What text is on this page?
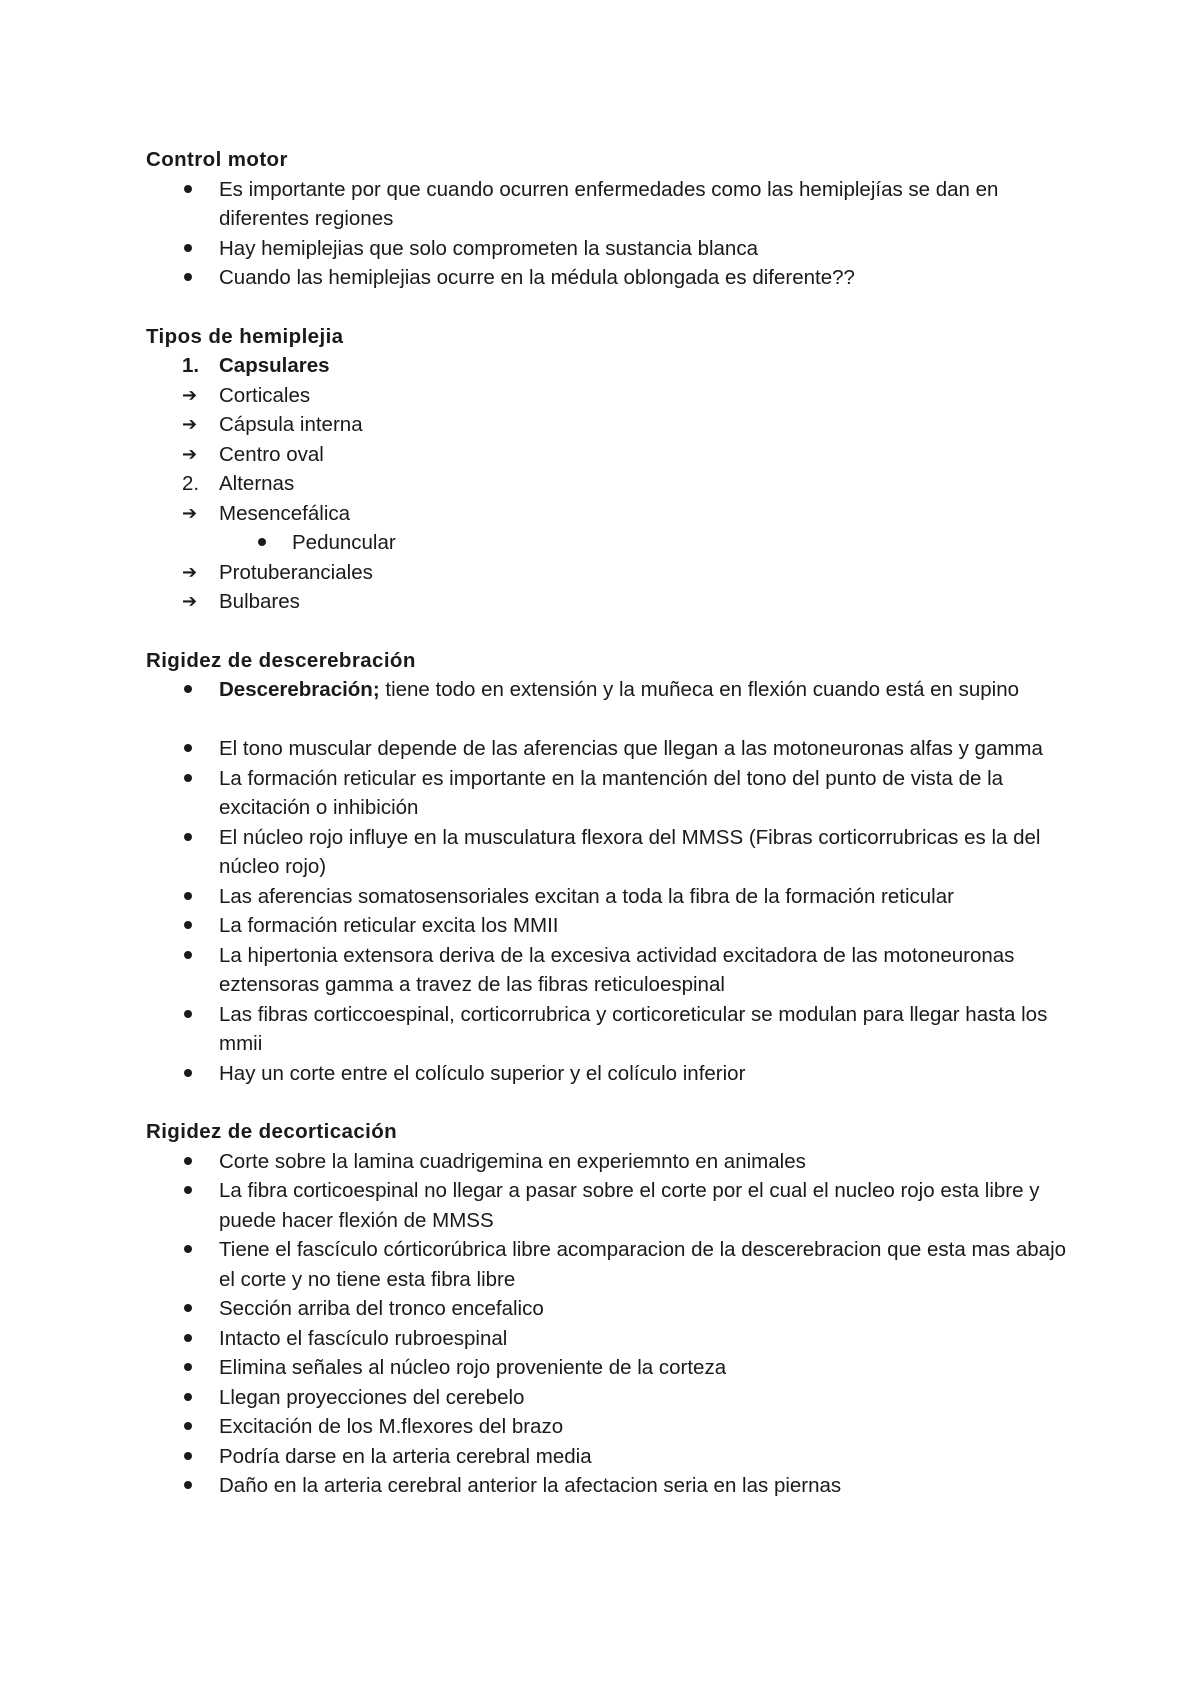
Control motor
Es importante por que cuando ocurren enfermedades como las hemiplejías se dan en diferentes regiones
Hay hemiplejias que solo comprometen la sustancia blanca
Cuando las hemiplejias ocurre en la médula oblongada es diferente??
Tipos de hemiplejia
1. Capsulares
➔	Corticales
➔	Cápsula interna
➔	Centro oval
2. Alternas
➔	Mesencefálica
Peduncular
➔	Protuberanciales
➔	Bulbares
Rigidez de descerebración
Descerebración; tiene todo en extensión y la muñeca en flexión cuando está en supino
El tono muscular depende de las aferencias que llegan a las motoneuronas alfas y gamma
La formación reticular es importante en la mantención del tono del punto de vista de la excitación o inhibición
El núcleo rojo influye en la musculatura flexora del MMSS (Fibras corticorrubricas es la del núcleo rojo)
Las aferencias somatosensoriales excitan a toda la fibra de la formación reticular
La formación reticular excita los MMII
La hipertonia extensora deriva de la excesiva actividad excitadora de las motoneuronas eztensoras gamma a travez de las fibras reticuloespinal
Las fibras corticcoespinal, corticorrubrica y corticoreticular se modulan para llegar hasta los mmii
Hay un corte entre el colículo superior y el colículo inferior
Rigidez de decorticación
Corte sobre la lamina cuadrigemina en experiemnto en animales
La fibra corticoespinal no llegar a pasar sobre el corte por el cual el nucleo rojo esta libre y puede hacer flexión de MMSS
Tiene el fascículo córticorúbrica libre acomparacion de la descerebracion que esta mas abajo el corte y no tiene esta fibra libre
Sección arriba del tronco encefalico
Intacto el fascículo rubroespinal
Elimina señales al núcleo rojo proveniente de la corteza
Llegan proyecciones del cerebelo
Excitación de los M.flexores del brazo
Podría darse en la arteria cerebral media
Daño en la arteria cerebral anterior la afectacion seria en las piernas
